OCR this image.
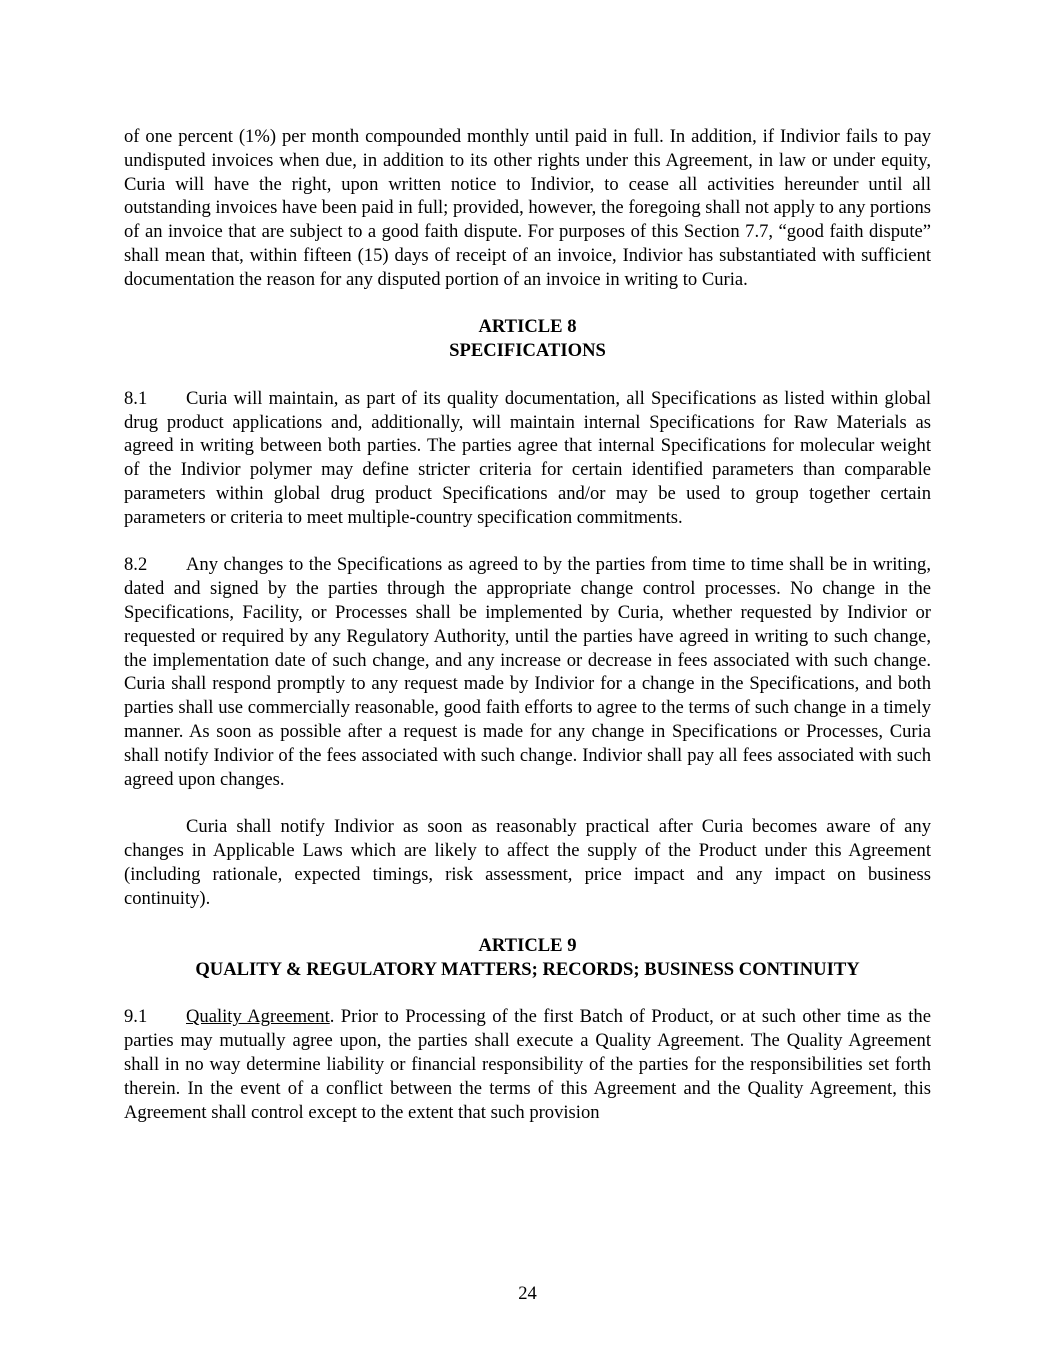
of one percent (1%) per month compounded monthly until paid in full. In addition, if Indivior fails to pay undisputed invoices when due, in addition to its other rights under this Agreement, in law or under equity, Curia will have the right, upon written notice to Indivior, to cease all activities hereunder until all outstanding invoices have been paid in full; provided, however, the foregoing shall not apply to any portions of an invoice that are subject to a good faith dispute. For purposes of this Section 7.7, “good faith dispute” shall mean that, within fifteen (15) days of receipt of an invoice, Indivior has substantiated with sufficient documentation the reason for any disputed portion of an invoice in writing to Curia.

ARTICLE 8

SPECIFICATIONS

8.1 Curia will maintain, as part of its quality documentation, all Specifications as listed within global drug product applications and, additionally, will maintain internal Specifications for Raw Materials as agreed in writing between both parties. The parties agree that internal Specifications for molecular weight of the Indivior polymer may define stricter criteria for certain identified parameters than comparable parameters within global drug product Specifications and/or may be used to group together certain parameters or criteria to meet multiple-country specification commitments.

8.2 Any changes to the Specifications as agreed to by the parties from time to time shall be in writing, dated and signed by the parties through the appropriate change control processes. No change in the Specifications, Facility, or Processes shall be implemented by Curia, whether requested by Indivior or requested or required by any Regulatory Authority, until the parties have agreed in writing to such change, the implementation date of such change, and any increase or decrease in fees associated with such change. Curia shall respond promptly to any request made by Indivior for a change in the Specifications, and both parties shall use commercially reasonable, good faith efforts to agree to the terms of such change in a timely manner. As soon as possible after a request is made for any change in Specifications or Processes, Curia shall notify Indivior of the fees associated with such change. Indivior shall pay all fees associated with such agreed upon changes.

Curia shall notify Indivior as soon as reasonably practical after Curia becomes aware of any changes in Applicable Laws which are likely to affect the supply of the Product under this Agreement (including rationale, expected timings, risk assessment, price impact and any impact on business continuity).

ARTICLE 9

QUALITY & REGULATORY MATTERS; RECORDS; BUSINESS CONTINUITY

9.1 Quality Agreement. Prior to Processing of the first Batch of Product, or at such other time as the parties may mutually agree upon, the parties shall execute a Quality Agreement. The Quality Agreement shall in no way determine liability or financial responsibility of the parties for the responsibilities set forth therein. In the event of a conflict between the terms of this Agreement and the Quality Agreement, this Agreement shall control except to the extent that such provision

24
